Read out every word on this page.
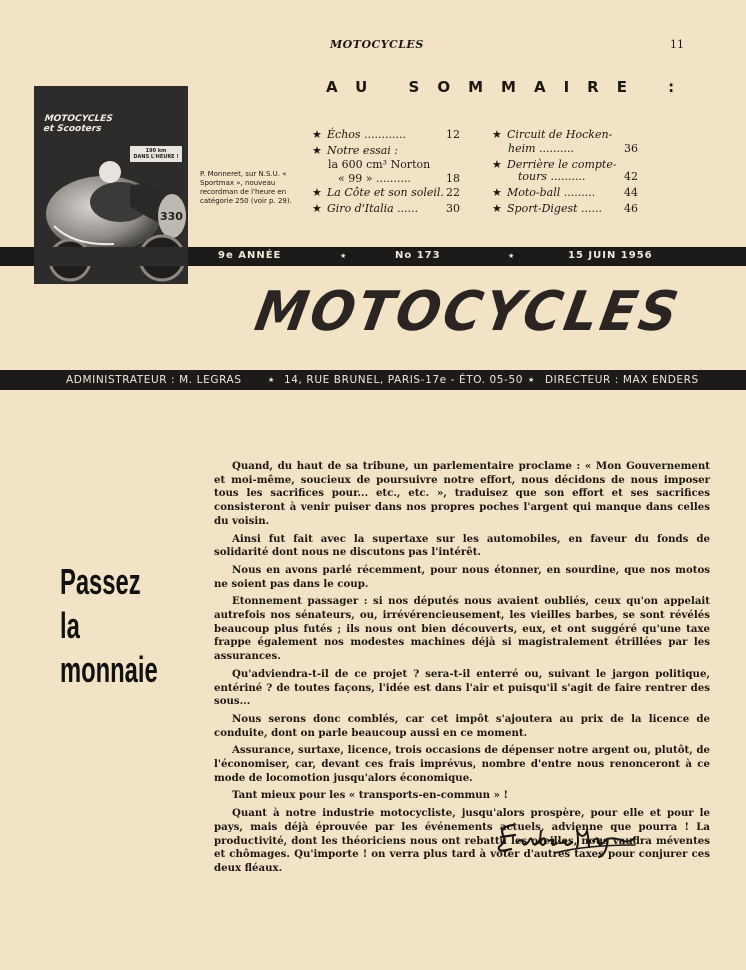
MOTOCYCLES	11
MOTOCYCLES
et Scooters
190 km
DANS L'HEURE !
330
P. Monneret, sur N.S.U. « Sportmax », nouveau recordman de l'heure en catégorie 250 (voir p. 29).
AU SOMMAIRE :
★ Échos ............	12
★ Notre essai :
la 600 cm³ Norton
« 99 » ..........	18
★ La Côte et son soleil. 22
★ Giro d'Italia ......	30
★ Circuit de Hocken-
heim ..........	36
★ Derrière le compte-
tours ..........	42
★ Moto-ball .........	44
★ Sport-Digest ...... 46
9e ANNÉE	★	No 173	★	15 JUIN 1956
MOTOCYCLES
ADMINISTRATEUR : M. LEGRAS	★ 14, RUE BRUNEL, PARIS-17e - ÉTO. 05-50 ★ DIRECTEUR : MAX ENDERS
Passez
la
monnaie

Quand, du haut de sa tribune, un parlementaire proclame : « Mon Gouvernement et moi-même, soucieux de poursuivre notre effort, nous décidons de nous imposer tous les sacrifices pour... etc., etc. », traduisez que son effort et ses sacrifices consisteront à venir puiser dans nos propres poches l'argent qui manque dans celles du voisin.

Ainsi fut fait avec la supertaxe sur les automobiles, en faveur du fonds de solidarité dont nous ne discutons pas l'intérêt.

Nous en avons parlé récemment, pour nous étonner, en sourdine, que nos motos ne soient pas dans le coup.

Etonnement passager : si nos députés nous avaient oubliés, ceux qu'on appelait autrefois nos sénateurs, ou, irrévérencieusement, les vieilles barbes, se sont révélés beaucoup plus futés ; ils nous ont bien découverts, eux, et ont suggéré qu'une taxe frappe également nos modestes machines déjà si magistralement étrillées par les assurances.

Qu'adviendra-t-il de ce projet ? sera-t-il enterré ou, suivant le jargon politique, entériné ? de toutes façons, l'idée est dans l'air et puisqu'il s'agit de faire rentrer des sous...

Nous serons donc comblés, car cet impôt s'ajoutera au prix de la licence de conduite, dont on parle beaucoup aussi en ce moment.

Assurance, surtaxe, licence, trois occasions de dépenser notre argent ou, plutôt, de l'économiser, car, devant ces frais imprévus, nombre d'entre nous renonceront à ce mode de locomotion jusqu'alors économique.

Tant mieux pour les « transports-en-commun » !

Quant à notre industrie motocycliste, jusqu'alors prospère, pour elle et pour le pays, mais déjà éprouvée par les événements actuels, advienne que pourra ! La productivité, dont les théoriciens nous ont rebattu les oreilles, nous vaudra méventes et chômages. Qu'importe ! on verra plus tard à voter d'autres taxes pour conjurer ces deux fléaux.
